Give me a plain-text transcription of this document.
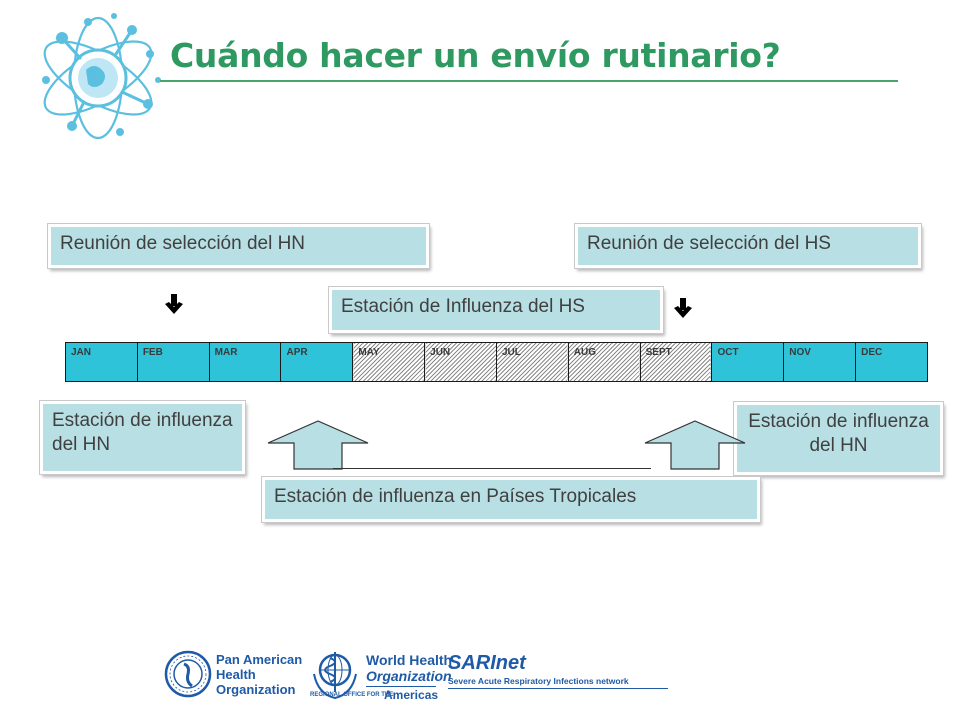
Cuándo hacer un envío rutinario?
Reunión de selección del HN	Reunión de selección del HS
Estación de Influenza del HS
JAN	FEB	MAR	APR	MAY	JUN	JUL	AUG	SEPT	OCT	NOV	DEC
Estación de influenza del HN
Estación de influenza del HN
Estación de influenza en Países Tropicales
Pan American
Health
Organization
World Health
Organization
REGIONAL OFFICE FOR THE
Americas
SARInet
Severe Acute Respiratory Infections network
